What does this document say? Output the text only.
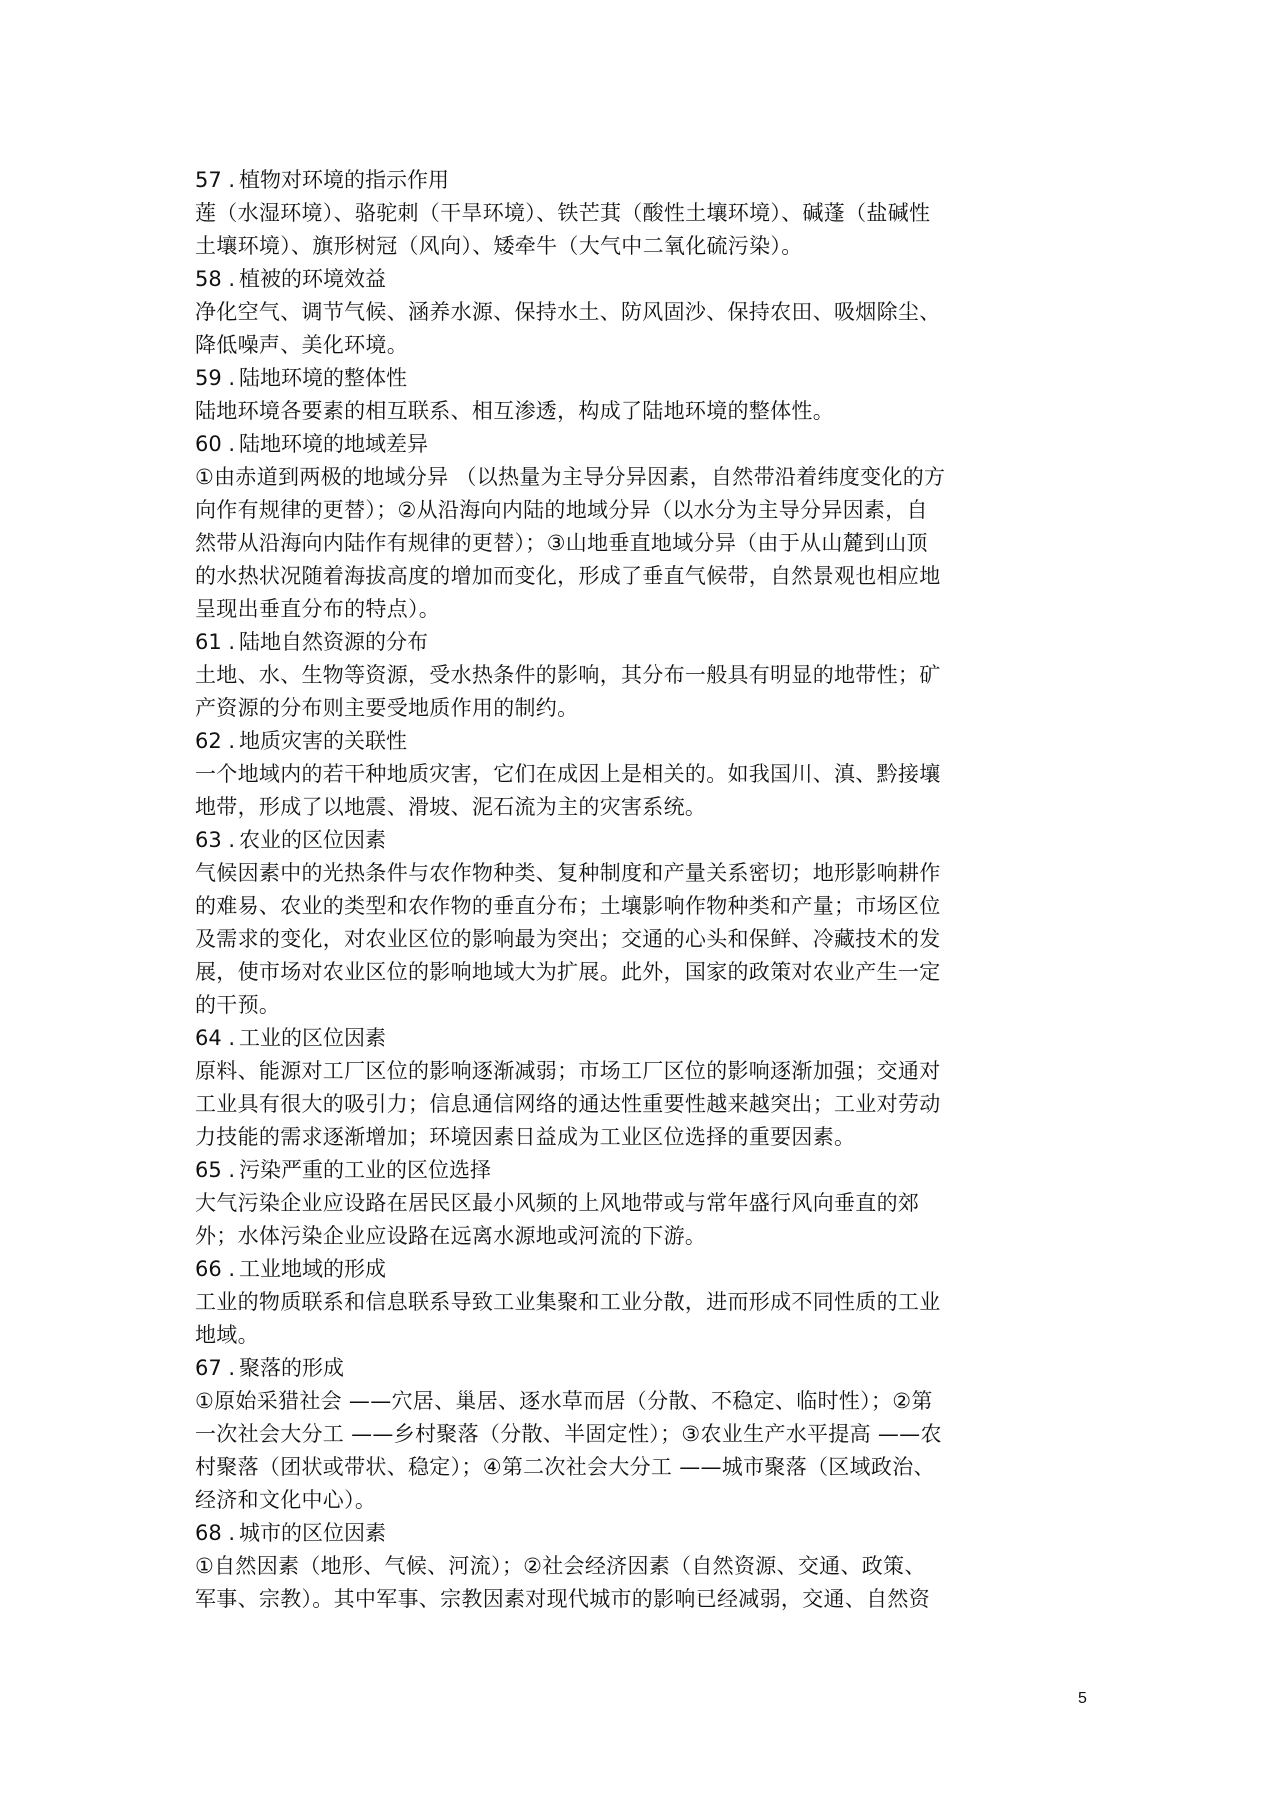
57 . 植物对环境的指示作用
莲（水湿环境）、骆驼刺（干旱环境）、铁芒萁（酸性土壤环境）、碱蓬（盐碱性
土壤环境）、旗形树冠（风向）、矮牵牛（大气中二氧化硫污染）。
58 . 植被的环境效益
净化空气、调节气候、涵养水源、保持水土、防风固沙、保持农田、吸烟除尘、
降低噪声、美化环境。
59 . 陆地环境的整体性
陆地环境各要素的相互联系、相互渗透，构成了陆地环境的整体性。
60 . 陆地环境的地域差异
①由赤道到两极的地域分异 （以热量为主导分异因素，自然带沿着纬度变化的方
向作有规律的更替）；②从沿海向内陆的地域分异（以水分为主导分异因素，自
然带从沿海向内陆作有规律的更替）；③山地垂直地域分异（由于从山麓到山顶
的水热状况随着海拔高度的增加而变化，形成了垂直气候带，自然景观也相应地
呈现出垂直分布的特点）。
61 . 陆地自然资源的分布
土地、水、生物等资源，受水热条件的影响，其分布一般具有明显的地带性；矿
产资源的分布则主要受地质作用的制约。
62 . 地质灾害的关联性
一个地域内的若干种地质灾害，它们在成因上是相关的。如我国川、滇、黔接壤
地带，形成了以地震、滑坡、泥石流为主的灾害系统。
63 . 农业的区位因素
气候因素中的光热条件与农作物种类、复种制度和产量关系密切；地形影响耕作
的难易、农业的类型和农作物的垂直分布；土壤影响作物种类和产量；市场区位
及需求的变化，对农业区位的影响最为突出；交通的心头和保鲜、冷藏技术的发
展，使市场对农业区位的影响地域大为扩展。此外，国家的政策对农业产生一定
的干预。
64 . 工业的区位因素
原料、能源对工厂区位的影响逐渐减弱；市场工厂区位的影响逐渐加强；交通对
工业具有很大的吸引力；信息通信网络的通达性重要性越来越突出；工业对劳动
力技能的需求逐渐增加；环境因素日益成为工业区位选择的重要因素。
65 . 污染严重的工业的区位选择
大气污染企业应设路在居民区最小风频的上风地带或与常年盛行风向垂直的郊
外；水体污染企业应设路在远离水源地或河流的下游。
66 . 工业地域的形成
工业的物质联系和信息联系导致工业集聚和工业分散，进而形成不同性质的工业
地域。
67 . 聚落的形成
①原始采猎社会 ——穴居、巢居、逐水草而居（分散、不稳定、临时性）；②第
一次社会大分工 ——乡村聚落（分散、半固定性）；③农业生产水平提高 ——农
村聚落（团状或带状、稳定）；④第二次社会大分工 ——城市聚落（区域政治、
经济和文化中心）。
68 . 城市的区位因素
①自然因素（地形、气候、河流）；②社会经济因素（自然资源、交通、政策、
军事、宗教）。其中军事、宗教因素对现代城市的影响已经减弱，交通、自然资
5
